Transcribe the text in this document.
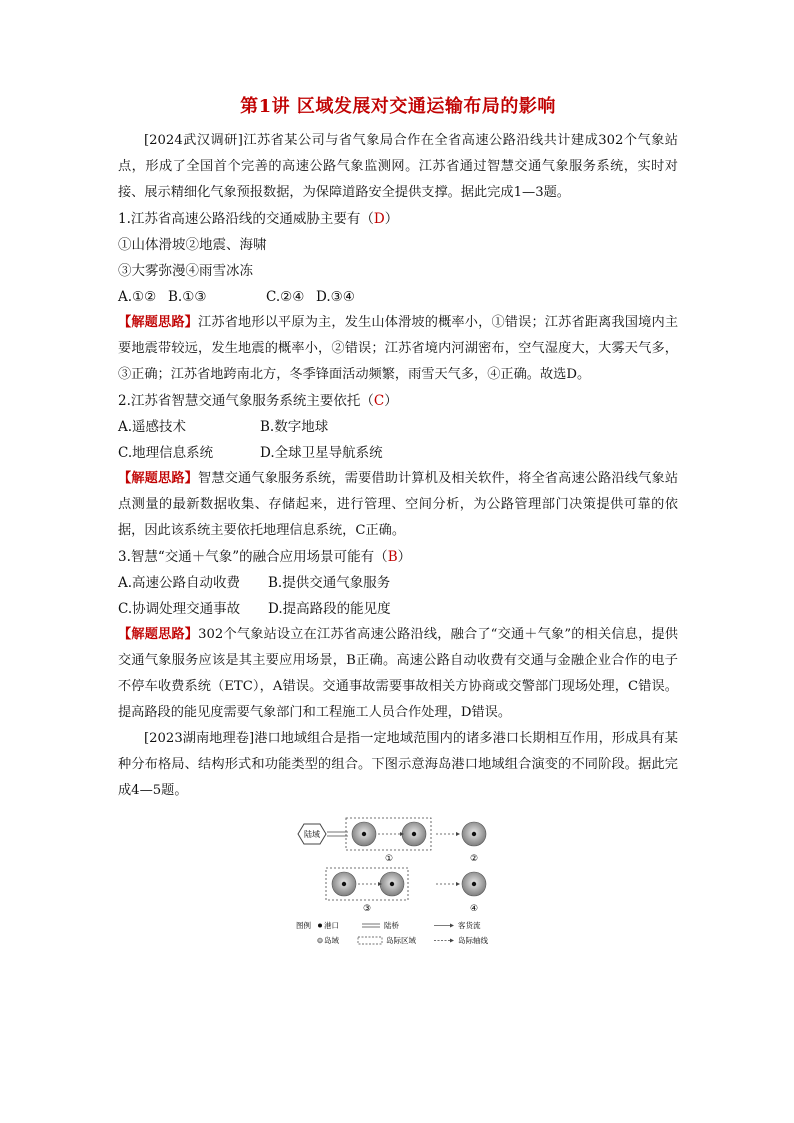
第1讲 区域发展对交通运输布局的影响

[2024武汉调研]江苏省某公司与省气象局合作在全省高速公路沿线共计建成302个气象站点，形成了全国首个完善的高速公路气象监测网。江苏省通过智慧交通气象服务系统，实时对接、展示精细化气象预报数据，为保障道路安全提供支撑。据此完成1—3题。

1.江苏省高速公路沿线的交通威胁主要有（D）
①山体滑坡②地震、海啸
③大雾弥漫④雨雪冰冻
A.①② B.①③	C.②④ D.③④

【解题思路】江苏省地形以平原为主，发生山体滑坡的概率小，①错误；江苏省距离我国境内主要地震带较远，发生地震的概率小，②错误；江苏省境内河湖密布，空气湿度大，大雾天气多，③正确；江苏省地跨南北方，冬季锋面活动频繁，雨雪天气多，④正确。故选D。

2.江苏省智慧交通气象服务系统主要依托（C）
A.遥感技术	B.数字地球
C.地理信息系统	D.全球卫星导航系统

【解题思路】智慧交通气象服务系统，需要借助计算机及相关软件，将全省高速公路沿线气象站点测量的最新数据收集、存储起来，进行管理、空间分析，为公路管理部门决策提供可靠的依据，因此该系统主要依托地理信息系统，C正确。

3.智慧“交通＋气象”的融合应用场景可能有（B）
A.高速公路自动收费	B.提供交通气象服务
C.协调处理交通事故	D.提高路段的能见度

【解题思路】302个气象站设立在江苏省高速公路沿线，融合了“交通＋气象”的相关信息，提供交通气象服务应该是其主要应用场景，B正确。高速公路自动收费有交通与金融企业合作的电子不停车收费系统（ETC），A错误。交通事故需要事故相关方协商或交警部门现场处理，C错误。提高路段的能见度需要气象部门和工程施工人员合作处理，D错误。

[2023湖南地理卷]港口地域组合是指一定地域范围内的诸多港口长期相互作用，形成具有某种分布格局、结构形式和功能类型的组合。下图示意海岛港口地域组合演变的不同阶段。据此完成4—5题。

陆域
①	②
③	④
图例 港口	陆桥	客货流
岛域	岛际区域	岛际轴线
